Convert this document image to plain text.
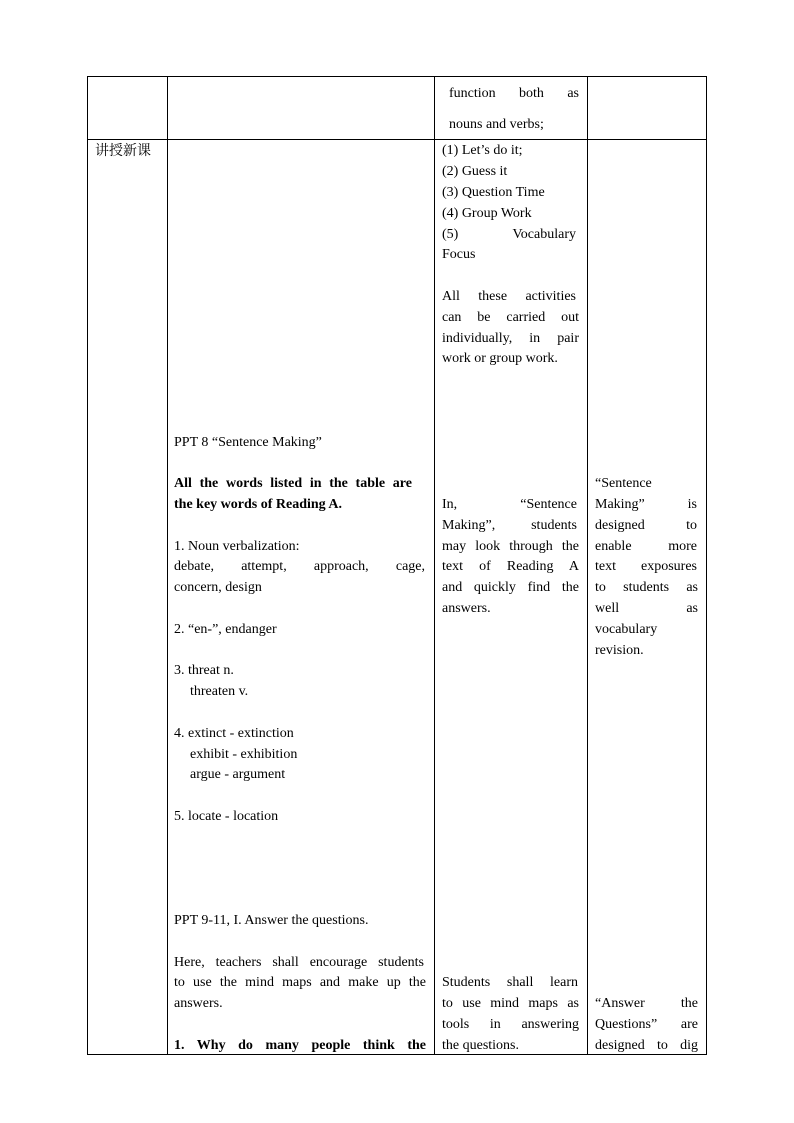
function both as
nouns and verbs;
讲授新课	(1) Let’s do it;
(2) Guess it
(3) Question Time
(4) Group Work
(5) Vocabulary
Focus
All these activities
can be carried out
individually, in pair
work or group work.
PPT 8 “Sentence Making”
All the words listed in the table are
the key words of Reading A.
1. Noun verbalization:
debate, attempt, approach, cage,
concern, design
2. “en-”, endanger
3. threat n.
threaten v.
4. extinct - extinction
exhibit - exhibition
argue - argument
5. locate - location
In, “Sentence
Making”, students
may look through the
text of Reading A
and quickly find the
answers.
“Sentence
Making” is
designed to
enable more
text exposures
to students as
well as
vocabulary
revision.
PPT 9-11, I. Answer the questions.
Here, teachers shall encourage students
to use the mind maps and make up the
answers.
1. Why do many people think the
Students shall learn
to use mind maps as
tools in answering
the questions.
“Answer the
Questions” are
designed to dig
